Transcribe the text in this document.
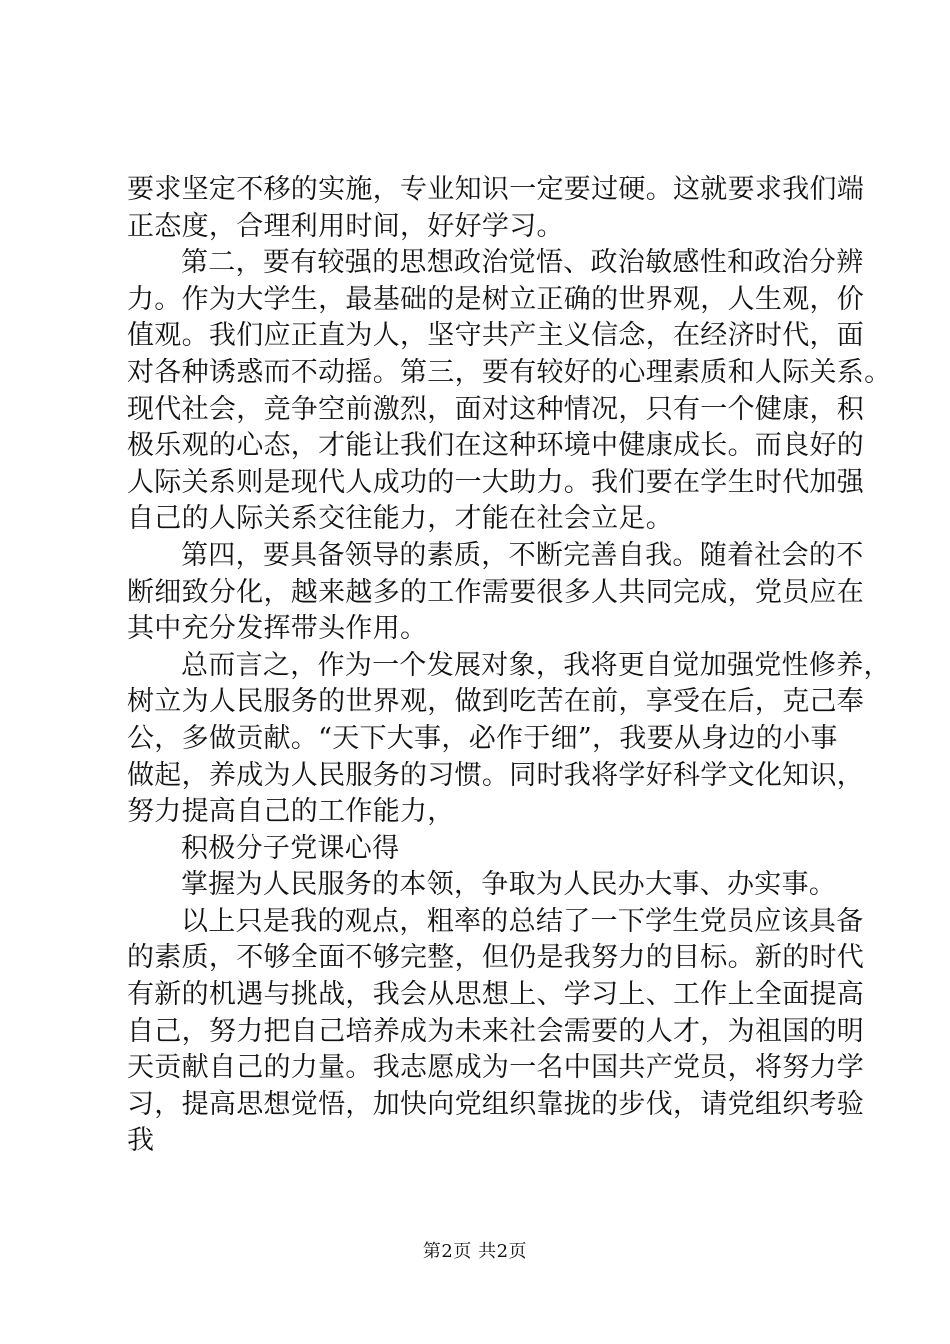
要求坚定不移的实施，专业知识一定要过硬。这就要求我们端
正态度，合理利用时间，好好学习。
第二，要有较强的思想政治觉悟、政治敏感性和政治分辨
力。作为大学生，最基础的是树立正确的世界观，人生观，价
值观。我们应正直为人，坚守共产主义信念，在经济时代，面
对各种诱惑而不动摇。第三，要有较好的心理素质和人际关系。
现代社会，竞争空前激烈，面对这种情况，只有一个健康，积
极乐观的心态，才能让我们在这种环境中健康成长。而良好的
人际关系则是现代人成功的一大助力。我们要在学生时代加强
自己的人际关系交往能力，才能在社会立足。
第四，要具备领导的素质，不断完善自我。随着社会的不
断细致分化，越来越多的工作需要很多人共同完成，党员应在
其中充分发挥带头作用。
总而言之，作为一个发展对象，我将更自觉加强党性修养，
树立为人民服务的世界观，做到吃苦在前，享受在后，克己奉
公，多做贡献。“天下大事，必作于细”，我要从身边的小事
做起，养成为人民服务的习惯。同时我将学好科学文化知识，
努力提高自己的工作能力，
积极分子党课心得
掌握为人民服务的本领，争取为人民办大事、办实事。
以上只是我的观点，粗率的总结了一下学生党员应该具备
的素质，不够全面不够完整，但仍是我努力的目标。新的时代
有新的机遇与挑战，我会从思想上、学习上、工作上全面提高
自己，努力把自己培养成为未来社会需要的人才，为祖国的明
天贡献自己的力量。我志愿成为一名中国共产党员，将努力学
习，提高思想觉悟，加快向党组织靠拢的步伐，请党组织考验
我
第2页 共2页
